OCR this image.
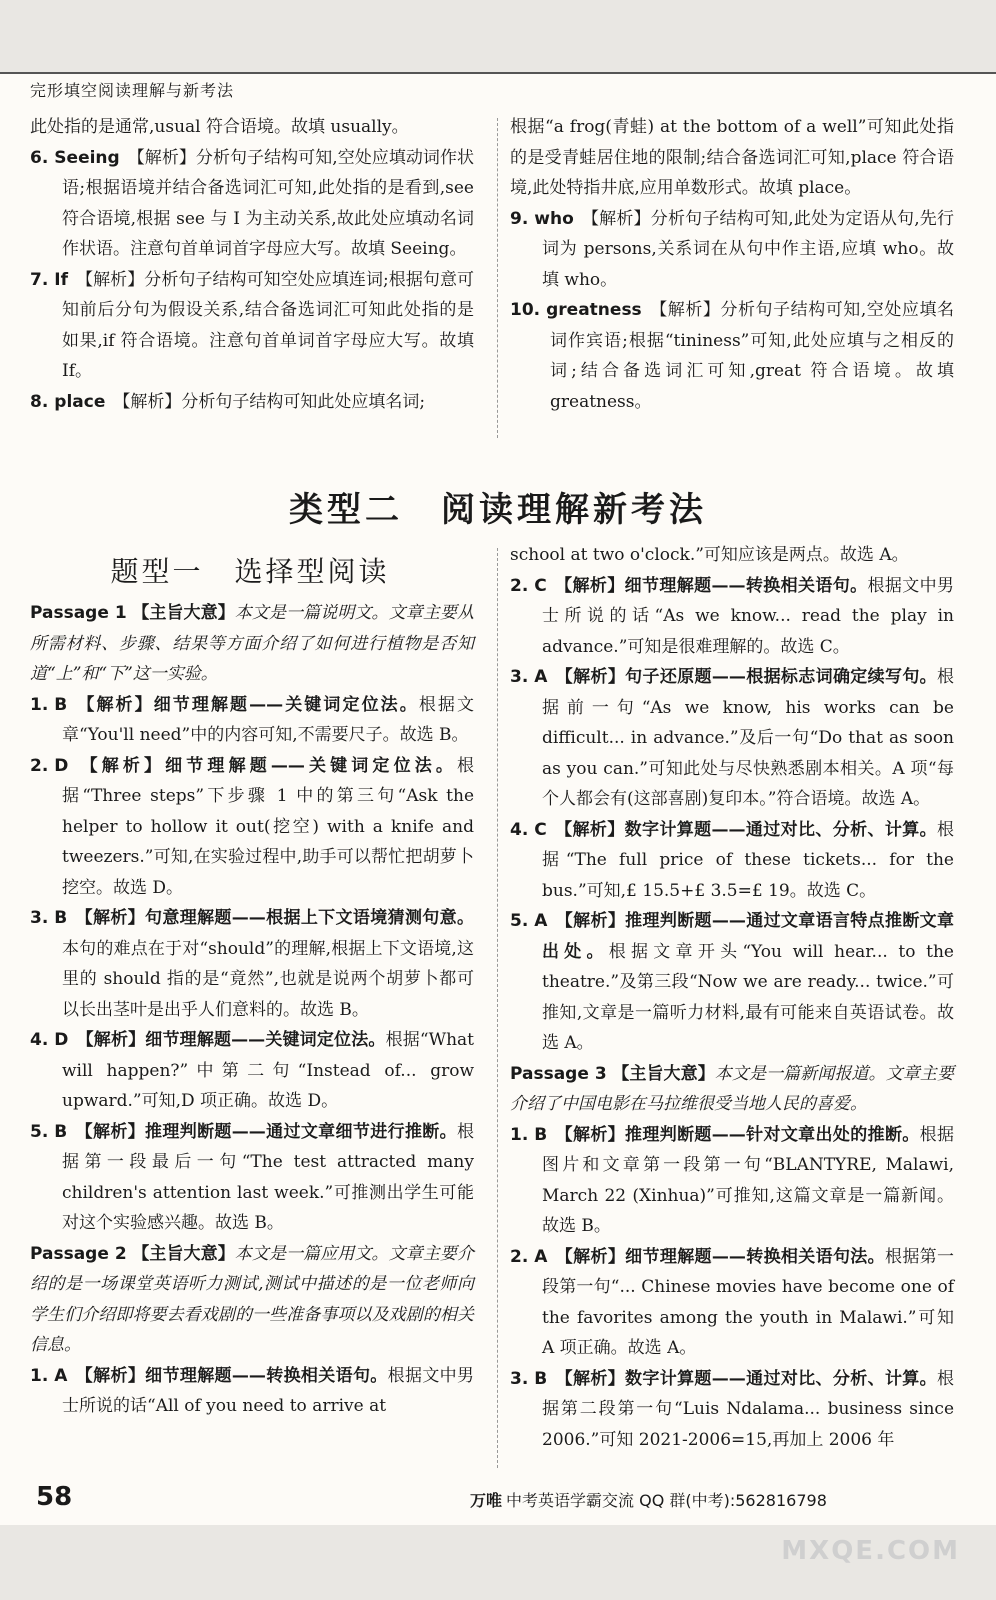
完形填空阅读理解与新考法

此处指的是通常,usual 符合语境。故填 usually。

6. Seeing 【解析】分析句子结构可知,空处应填动词作状语;根据语境并结合备选词汇可知,此处指的是看到,see 符合语境,根据 see 与 I 为主动关系,故此处应填动名词作状语。注意句首单词首字母应大写。故填 Seeing。

7. If 【解析】分析句子结构可知空处应填连词;根据句意可知前后分句为假设关系,结合备选词汇可知此处指的是如果,if 符合语境。注意句首单词首字母应大写。故填 If。

8. place 【解析】分析句子结构可知此处应填名词;

根据“a frog(青蛙) at the bottom of a well”可知此处指的是受青蛙居住地的限制;结合备选词汇可知,place 符合语境,此处特指井底,应用单数形式。故填 place。

9. who 【解析】分析句子结构可知,此处为定语从句,先行词为 persons,关系词在从句中作主语,应填 who。故填 who。

10. greatness 【解析】分析句子结构可知,空处应填名词作宾语;根据“tininess”可知,此处应填与之相反的词;结合备选词汇可知,great 符合语境。故填 greatness。

类型二　阅读理解新考法
题型一　选择型阅读

Passage 1 【主旨大意】本文是一篇说明文。文章主要从所需材料、步骤、结果等方面介绍了如何进行植物是否知道“上”和“下”这一实验。

1. B 【解析】细节理解题——关键词定位法。根据文章“You'll need”中的内容可知,不需要尺子。故选 B。

2. D 【解析】细节理解题——关键词定位法。根据“Three steps”下步骤 1 中的第三句“Ask the helper to hollow it out(挖空) with a knife and tweezers.”可知,在实验过程中,助手可以帮忙把胡萝卜挖空。故选 D。

3. B 【解析】句意理解题——根据上下文语境猜测句意。本句的难点在于对“should”的理解,根据上下文语境,这里的 should 指的是“竟然”,也就是说两个胡萝卜都可以长出茎叶是出乎人们意料的。故选 B。

4. D 【解析】细节理解题——关键词定位法。根据“What will happen?”中第二句“Instead of... grow upward.”可知,D 项正确。故选 D。

5. B 【解析】推理判断题——通过文章细节进行推断。根据第一段最后一句“The test attracted many children's attention last week.”可推测出学生可能对这个实验感兴趣。故选 B。

Passage 2 【主旨大意】本文是一篇应用文。文章主要介绍的是一场课堂英语听力测试,测试中描述的是一位老师向学生们介绍即将要去看戏剧的一些准备事项以及戏剧的相关信息。

1. A 【解析】细节理解题——转换相关语句。根据文中男士所说的话“All of you need to arrive at

school at two o'clock.”可知应该是两点。故选 A。

2. C 【解析】细节理解题——转换相关语句。根据文中男士所说的话“As we know... read the play in advance.”可知是很难理解的。故选 C。

3. A 【解析】句子还原题——根据标志词确定续写句。根据前一句“As we know, his works can be difficult... in advance.”及后一句“Do that as soon as you can.”可知此处与尽快熟悉剧本相关。A 项“每个人都会有(这部喜剧)复印本。”符合语境。故选 A。

4. C 【解析】数字计算题——通过对比、分析、计算。根据“The full price of these tickets... for the bus.”可知,£ 15.5+£ 3.5=£ 19。故选 C。

5. A 【解析】推理判断题——通过文章语言特点推断文章出处。根据文章开头“You will hear... to the theatre.”及第三段“Now we are ready... twice.”可推知,文章是一篇听力材料,最有可能来自英语试卷。故选 A。

Passage 3 【主旨大意】本文是一篇新闻报道。文章主要介绍了中国电影在马拉维很受当地人民的喜爱。

1. B 【解析】推理判断题——针对文章出处的推断。根据图片和文章第一段第一句“BLANTYRE, Malawi, March 22 (Xinhua)”可推知,这篇文章是一篇新闻。故选 B。

2. A 【解析】细节理解题——转换相关语句法。根据第一段第一句“... Chinese movies have become one of the favorites among the youth in Malawi.”可知 A 项正确。故选 A。

3. B 【解析】数字计算题——通过对比、分析、计算。根据第二段第一句“Luis Ndalama... business since 2006.”可知 2021-2006=15,再加上 2006 年

58	万唯 中考英语学霸交流 QQ 群(中考):562816798
MXQE.COM
